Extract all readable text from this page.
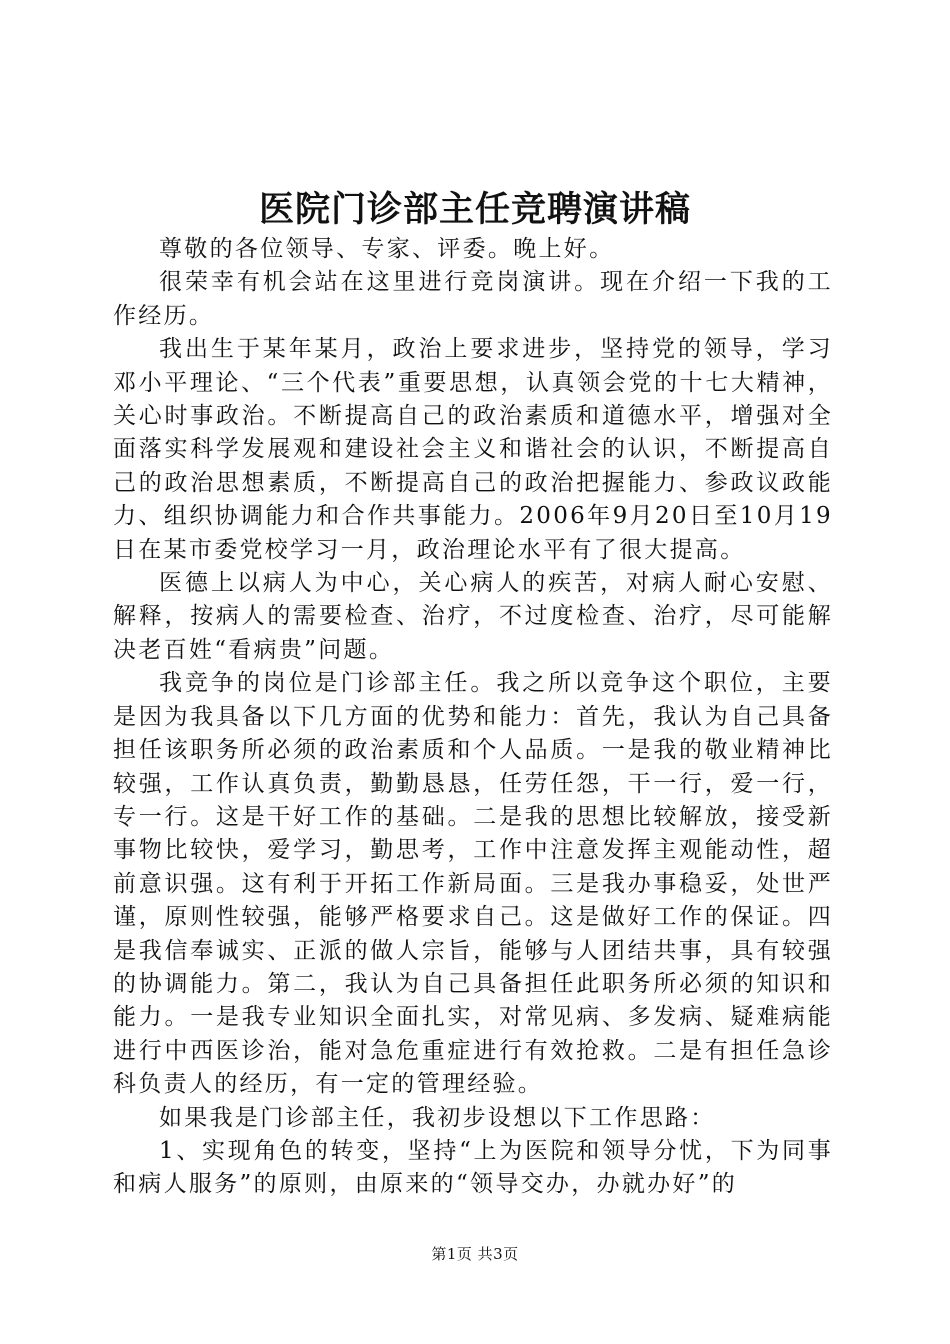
医院门诊部主任竞聘演讲稿

尊敬的各位领导、专家、评委。晚上好。

很荣幸有机会站在这里进行竞岗演讲。现在介绍一下我的工作经历。

我出生于某年某月，政治上要求进步，坚持党的领导，学习邓小平理论、“三个代表”重要思想，认真领会党的十七大精神，关心时事政治。不断提高自己的政治素质和道德水平，增强对全面落实科学发展观和建设社会主义和谐社会的认识，不断提高自己的政治思想素质，不断提高自己的政治把握能力、参政议政能力、组织协调能力和合作共事能力。2006年9月20日至10月19日在某市委党校学习一月，政治理论水平有了很大提高。

医德上以病人为中心，关心病人的疾苦，对病人耐心安慰、解释，按病人的需要检查、治疗，不过度检查、治疗，尽可能解决老百姓“看病贵”问题。

我竞争的岗位是门诊部主任。我之所以竞争这个职位，主要是因为我具备以下几方面的优势和能力：首先，我认为自己具备担任该职务所必须的政治素质和个人品质。一是我的敬业精神比较强，工作认真负责，勤勤恳恳，任劳任怨，干一行，爱一行，专一行。这是干好工作的基础。二是我的思想比较解放，接受新事物比较快，爱学习，勤思考，工作中注意发挥主观能动性，超前意识强。这有利于开拓工作新局面。三是我办事稳妥，处世严谨，原则性较强，能够严格要求自己。这是做好工作的保证。四是我信奉诚实、正派的做人宗旨，能够与人团结共事，具有较强的协调能力。第二，我认为自己具备担任此职务所必须的知识和能力。一是我专业知识全面扎实，对常见病、多发病、疑难病能进行中西医诊治，能对急危重症进行有效抢救。二是有担任急诊科负责人的经历，有一定的管理经验。

如果我是门诊部主任，我初步设想以下工作思路：

1、实现角色的转变，坚持“上为医院和领导分忧，下为同事和病人服务”的原则，由原来的“领导交办，办就办好”的

第1页 共3页
